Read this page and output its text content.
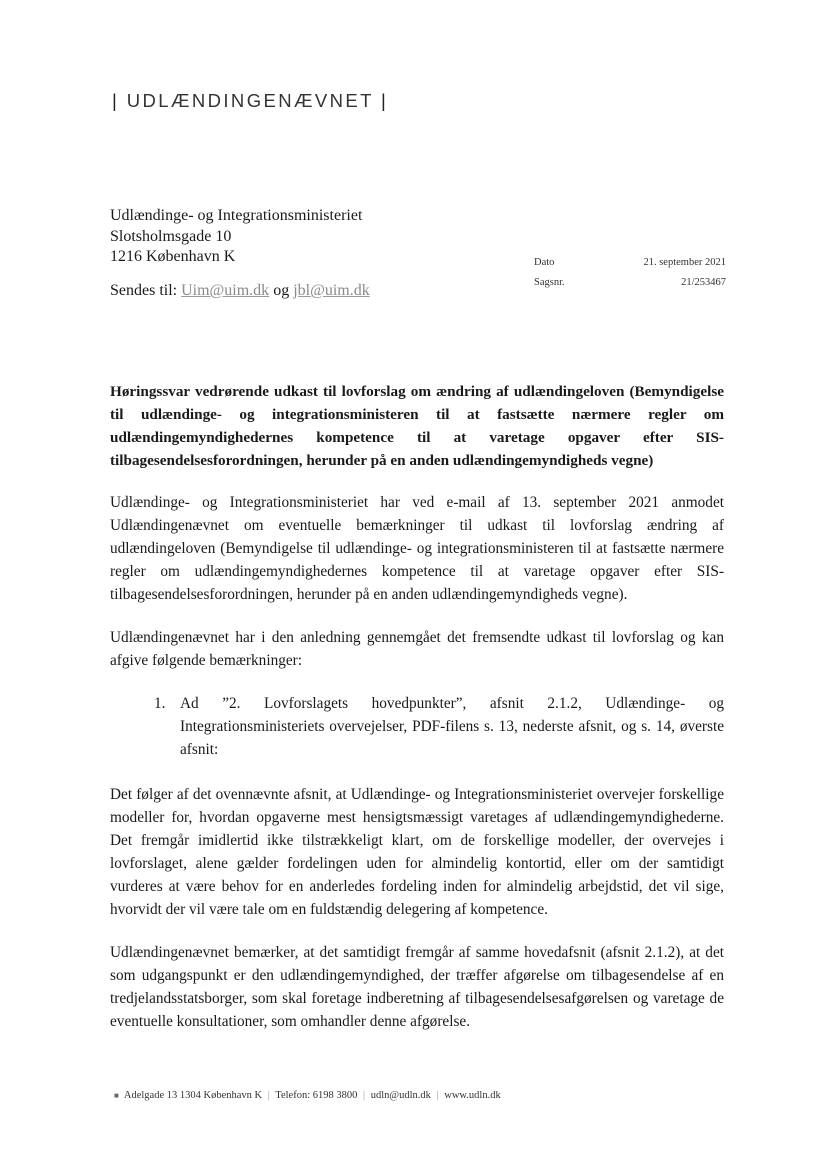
| UDLÆNDINGENÆVNET |
Udlændinge- og Integrationsministeriet
Slotsholmsgade 10
1216 København K
Sendes til: Uim@uim.dk og jbl@uim.dk
Dato	21. september 2021
Sagsnr.	21/253467

Høringssvar vedrørende udkast til lovforslag om ændring af udlændingeloven (Bemyndigelse til udlændinge- og integrationsministeren til at fastsætte nærmere regler om udlændingemyndighedernes kompetence til at varetage opgaver efter SIS-tilbagesendelsesforordningen, herunder på en anden udlændingemyndigheds vegne)

Udlændinge- og Integrationsministeriet har ved e-mail af 13. september 2021 anmodet Udlændingenævnet om eventuelle bemærkninger til udkast til lovforslag ændring af udlændingeloven (Bemyndigelse til udlændinge- og integrationsministeren til at fastsætte nærmere regler om udlændingemyndighedernes kompetence til at varetage opgaver efter SIS-tilbagesendelsesforordningen, herunder på en anden udlændingemyndigheds vegne).

Udlændingenævnet har i den anledning gennemgået det fremsendte udkast til lovforslag og kan afgive følgende bemærkninger:

1. Ad ”2. Lovforslagets hovedpunkter”, afsnit 2.1.2, Udlændinge- og Integrationsministeriets overvejelser, PDF-filens s. 13, nederste afsnit, og s. 14, øverste afsnit:

Det følger af det ovennævnte afsnit, at Udlændinge- og Integrationsministeriet overvejer forskellige modeller for, hvordan opgaverne mest hensigtsmæssigt varetages af udlændingemyndighederne. Det fremgår imidlertid ikke tilstrækkeligt klart, om de forskellige modeller, der overvejes i lovforslaget, alene gælder fordelingen uden for almindelig kontortid, eller om der samtidigt vurderes at være behov for en anderledes fordeling inden for almindelig arbejdstid, det vil sige, hvorvidt der vil være tale om en fuldstændig delegering af kompetence.

Udlændingenævnet bemærker, at det samtidigt fremgår af samme hovedafsnit (afsnit 2.1.2), at det som udgangspunkt er den udlændingemyndighed, der træffer afgørelse om tilbagesendelse af en tredjelandsstatsborger, som skal foretage indberetning af tilbagesendelsesafgørelsen og varetage de eventuelle konsultationer, som omhandler denne afgørelse.

■ Adelgade 13 1304 København K | Telefon: 6198 3800 | udln@udln.dk | www.udln.dk
